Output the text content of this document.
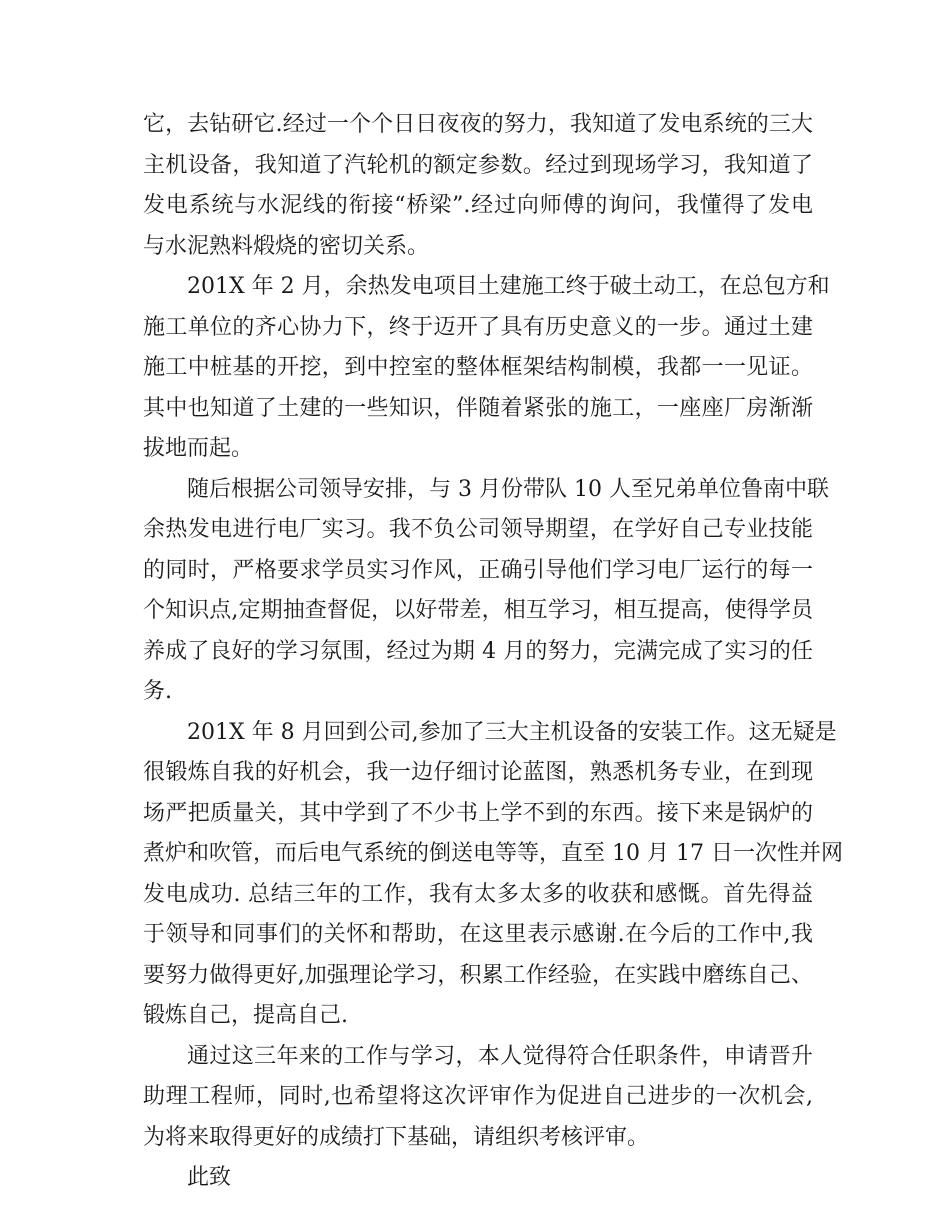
它，去钻研它.经过一个个日日夜夜的努力，我知道了发电系统的三大
主机设备，我知道了汽轮机的额定参数。经过到现场学习，我知道了
发电系统与水泥线的衔接“桥梁”.经过向师傅的询问，我懂得了发电
与水泥熟料煅烧的密切关系。
201X 年 2 月，余热发电项目土建施工终于破土动工，在总包方和
施工单位的齐心协力下，终于迈开了具有历史意义的一步。通过土建
施工中桩基的开挖，到中控室的整体框架结构制模，我都一一见证。
其中也知道了土建的一些知识，伴随着紧张的施工，一座座厂房渐渐
拔地而起。
随后根据公司领导安排，与 3 月份带队 10 人至兄弟单位鲁南中联
余热发电进行电厂实习。我不负公司领导期望，在学好自己专业技能
的同时，严格要求学员实习作风，正确引导他们学习电厂运行的每一
个知识点,定期抽查督促，以好带差，相互学习，相互提高，使得学员
养成了良好的学习氛围，经过为期 4 月的努力，完满完成了实习的任
务.
201X 年 8 月回到公司,参加了三大主机设备的安装工作。这无疑是
很锻炼自我的好机会，我一边仔细讨论蓝图，熟悉机务专业，在到现
场严把质量关，其中学到了不少书上学不到的东西。接下来是锅炉的
煮炉和吹管，而后电气系统的倒送电等等，直至 10 月 17 日一次性并网
发电成功. 总结三年的工作，我有太多太多的收获和感慨。首先得益
于领导和同事们的关怀和帮助，在这里表示感谢.在今后的工作中,我
要努力做得更好,加强理论学习，积累工作经验，在实践中磨练自己、
锻炼自己，提高自己.
通过这三年来的工作与学习，本人觉得符合任职条件，申请晋升
助理工程师，同时,也希望将这次评审作为促进自己进步的一次机会,
为将来取得更好的成绩打下基础，请组织考核评审。
此致
